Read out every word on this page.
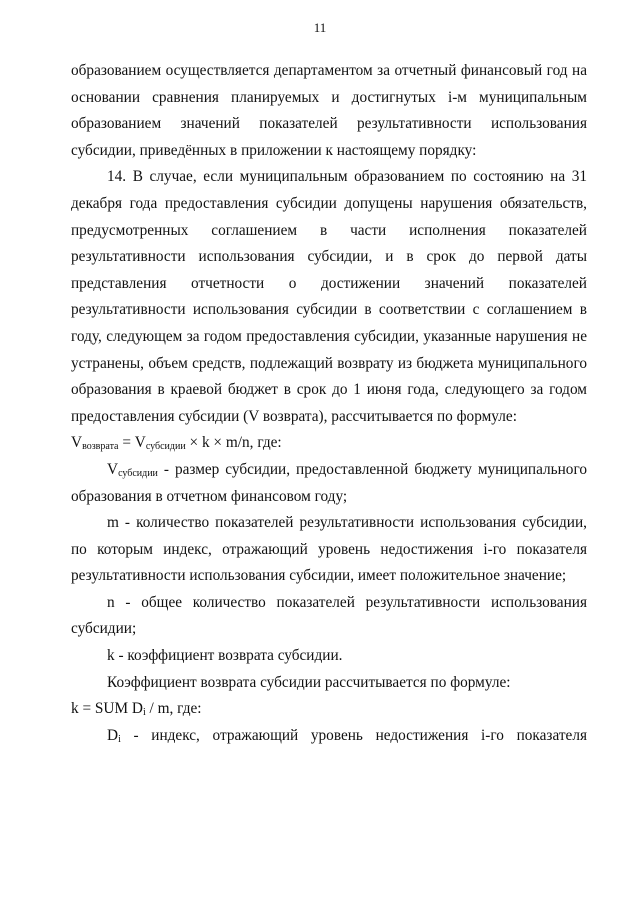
11

образованием осуществляется департаментом за отчетный финансовый год на основании сравнения планируемых и достигнутых i-м муниципальным образованием значений показателей результативности использования субсидии, приведённых в приложении к настоящему порядку:

14. В случае, если муниципальным образованием по состоянию на 31 декабря года предоставления субсидии допущены нарушения обязательств, предусмотренных соглашением в части исполнения показателей результативности использования субсидии, и в срок до первой даты представления отчетности о достижении значений показателей результативности использования субсидии в соответствии с соглашением в году, следующем за годом предоставления субсидии, указанные нарушения не устранены, объем средств, подлежащий возврату из бюджета муниципального образования в краевой бюджет в срок до 1 июня года, следующего за годом предоставления субсидии (V возврата), рассчитывается по формуле:

$V_{возврата} = V_{субсидии} \times k \times m/n$, где:

$V_{субсидии}$ - размер субсидии, предоставленной бюджету муниципального образования в отчетном финансовом году;

m - количество показателей результативности использования субсидии, по которым индекс, отражающий уровень недостижения i-го показателя результативности использования субсидии, имеет положительное значение;

n - общее количество показателей результативности использования субсидии;

k - коэффициент возврата субсидии.

Коэффициент возврата субсидии рассчитывается по формуле:

k = SUM $D_i$ / m, где:

$D_i$ - индекс, отражающий уровень недостижения i-го показателя
